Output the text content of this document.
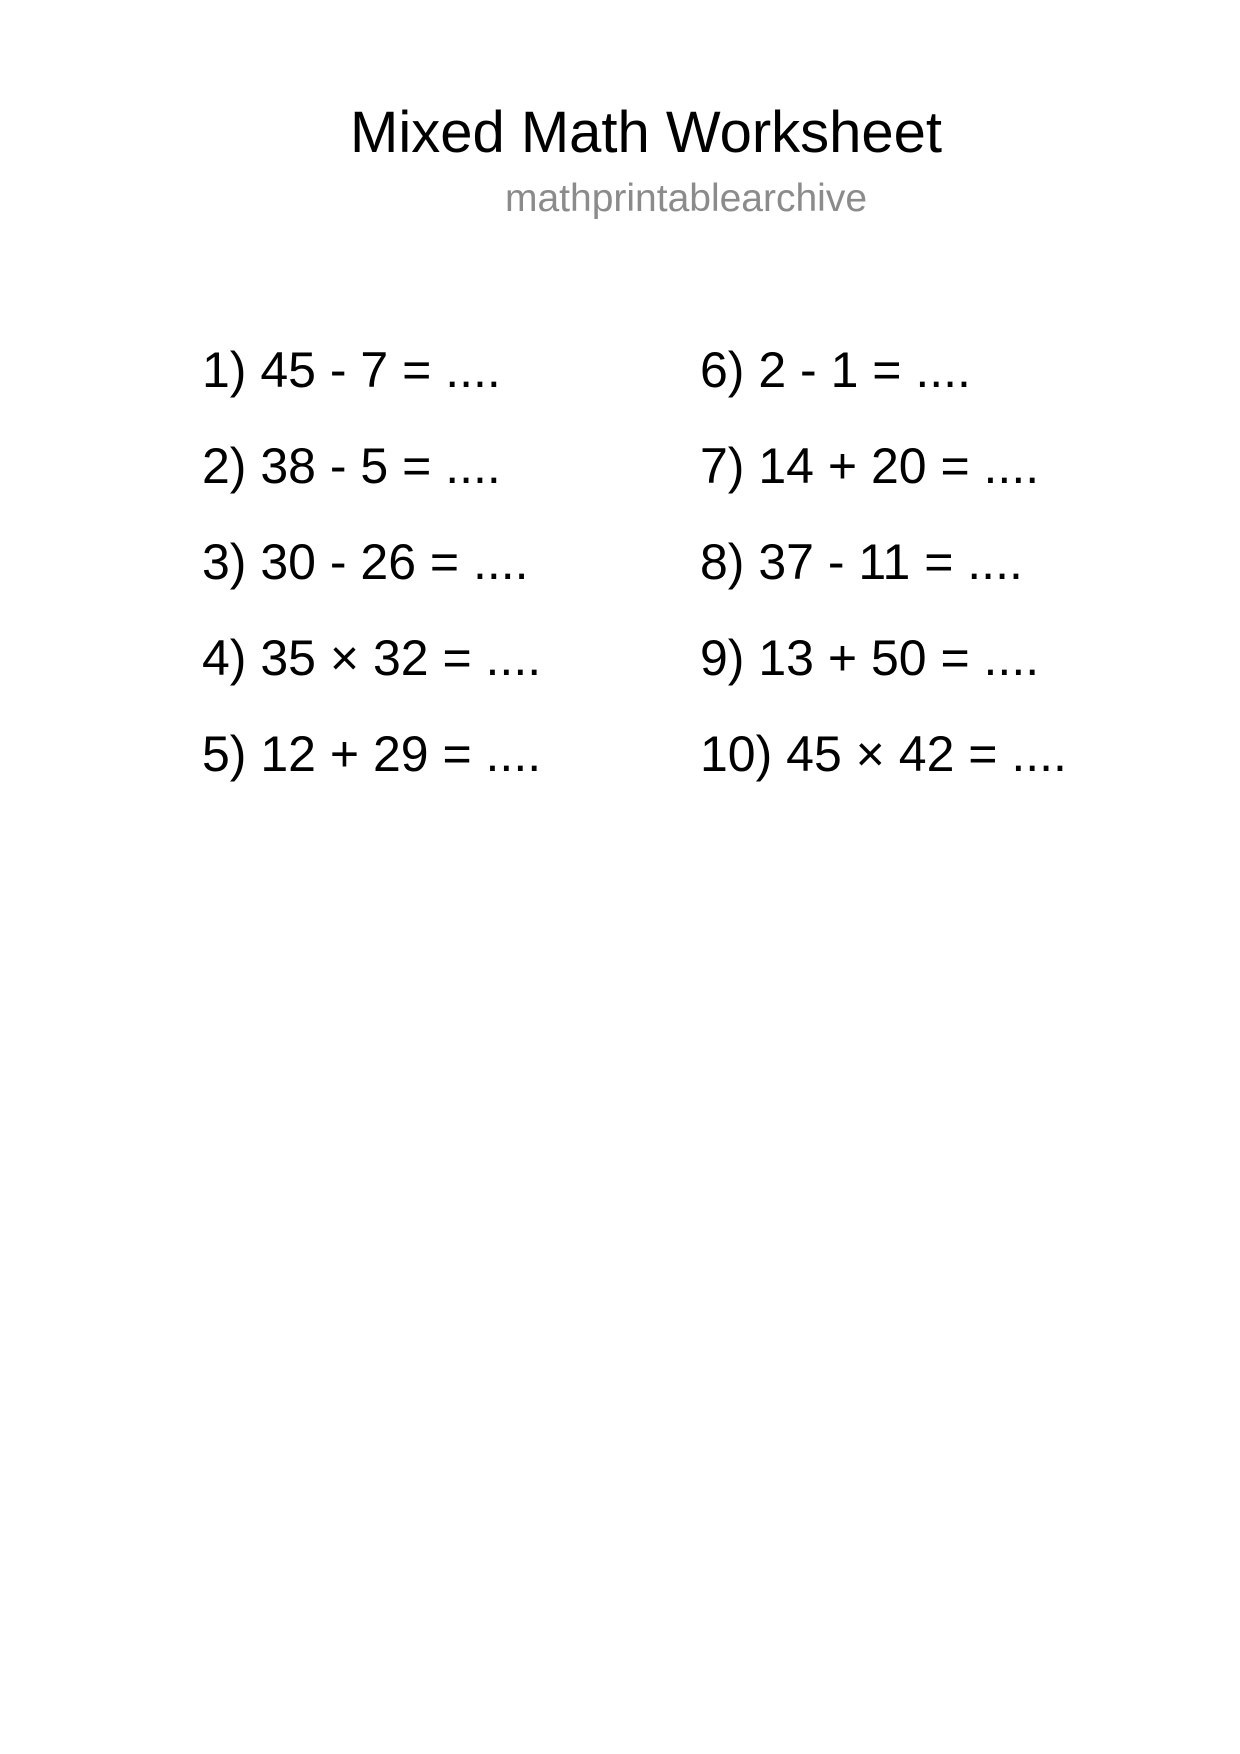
Mixed Math Worksheet
mathprintablearchive
1) 45 - 7 = ....
2) 38 - 5 = ....
3) 30 - 26 = ....
4) 35 × 32 = ....
5) 12 + 29 = ....
6) 2 - 1 = ....
7) 14 + 20 = ....
8) 37 - 11 = ....
9) 13 + 50 = ....
10) 45 × 42 = ....
